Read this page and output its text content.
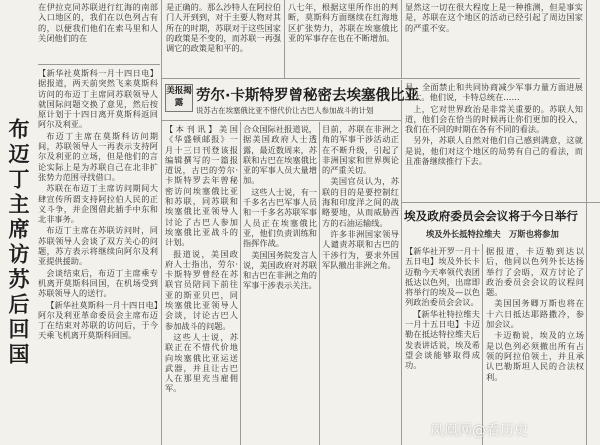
在伊拉克同苏联进行红海的南部入口地区的，我们在以色列占有的，以便我们他们在索马里和人关闭他们的在

布迈丁主席访苏后回国

【新华社莫斯科一月十四日电】据报道，两天前突然飞来莫斯科访问的布迈丁主席同苏联领导人就国际问题交换了意见，然后按原计划于十四日离开莫斯科返回阿尔及利亚。

布迈丁主席在莫斯科访问期间，苏联领导人一再表示支持阿尔及利亚的立场，但是他们的言论实际上是为苏联自己在北非扩张势力范围寻找借口。

苏联在布迈丁主席访问期间大肆宣传所谓支持阿拉伯人民的正义斗争，并企图借此插手中东和北非事务。

布迈丁主席在苏联访问时，同苏联领导人会谈了双方关心的问题，苏方表示将继续向阿尔及利亚提供援助。

会谈结束后，布迈丁主席乘专机离开莫斯科回国，在机场受到苏联领导人的送行。

【新华社莫斯科一月十四日电】阿尔及利亚革命委员会主席布迈丁在结束对苏联的访问后，于今天乘飞机离开莫斯科回国。

是正确的。那么沙特人在阿拉伯门人开到到，对于主要人物对其所在的时期，苏联对于这些国家的政策是不变的，而苏联一再强调它的政策是和平的。

八七年，根据这里所作出的判断，莫斯科方面继续在红海地区扩张势力，苏联在埃塞俄比亚的军事存在也在不断增加。

显然这一切在很大程度上是一种推测，但是事实是，苏联在这个地区的活动已经引起了周边国家的严重不安。

美报揭露 劳尔·卡斯特罗曾秘密去埃塞俄比亚
说苏古在埃塞俄比亚不惜代价让古巴人参加战斗的计划

【本刊讯】美国《华盛顿邮报》一月十三日刊登该报编辑撰写的一篇报道说，古巴的劳尔·卡斯特罗去年曾秘密访问埃塞俄比亚和苏联，同苏联和埃塞俄比亚领导人讨论了古巴人参加埃塞俄比亚战斗的计划。

报道说，美国政府人士指出，劳尔·卡斯特罗曾经在苏联官员陪同下前往亚的斯亚贝巴，同埃塞俄比亚领导人会谈，讨论古巴人参加战斗的问题。

这些人士说，苏联正在不惜代价地向埃塞俄比亚运送武器，并且让古巴人在那里充当雇佣军。

合众国际社报道说，据美国政府人士透露，最近数周来，苏联和古巴在埃塞俄比亚的军事人员大量增加。

这些人士说，有一千多名古巴军事人员和一千多名苏联军事人员正在埃塞俄比亚，他们负责训练和指挥作战。

美国国务院发言人说，美国政府对苏联和古巴在非洲之角的军事干涉表示关注。

目前，苏联在非洲之角的军事干涉活动正在不断升级，引起了非洲国家和世界舆论的严重关切。

美国官员认为，苏联的目的是要控制红海和印度洋之间的战略要地，从而威胁西方的石油运输线。

许多非洲国家领导人谴责苏联和古巴的干涉行为，要求外国军队撤出非洲之角。

易、全面禁止和共同协商减少军事力量方面进展不大。他们说，卡特总统在……

上，它对世界政治是非常关重要的。苏联人知道，他们会在恰当的时候再让你们更加的投入，我们在不同的时期在各有不同的看法。

另外，苏联人自然对他们自己感到满意，这就是说，他们对这个地区的局势有自己的看法，而且准备继续推行下去。

埃及政府委员会会议将于今日举行
埃及外长抵特拉维夫　万斯也将参加

【新华社开罗一月十五日电】埃及外长卡迈勒今天率领代表团抵达以色列，出席即将举行的埃及—以色列政治委员会会议。

【新华社特拉维夫一月十五日电】卡迈勒在抵达特拉维夫后发表讲话说，埃及希望会谈能够取得成功。

据报道，卡迈勒到达以后，他同以色列外长达扬举行了会晤，双方讨论了政治委员会会议的议程问题。

美国国务卿万斯也将在十六日抵达耶路撒冷，参加会议。

卡迈勒说，埃及的立场是以色列必须撤出所有占领的阿拉伯领土，并且承认巴勒斯坦人民的合法权利。

凤凰网@看历史
